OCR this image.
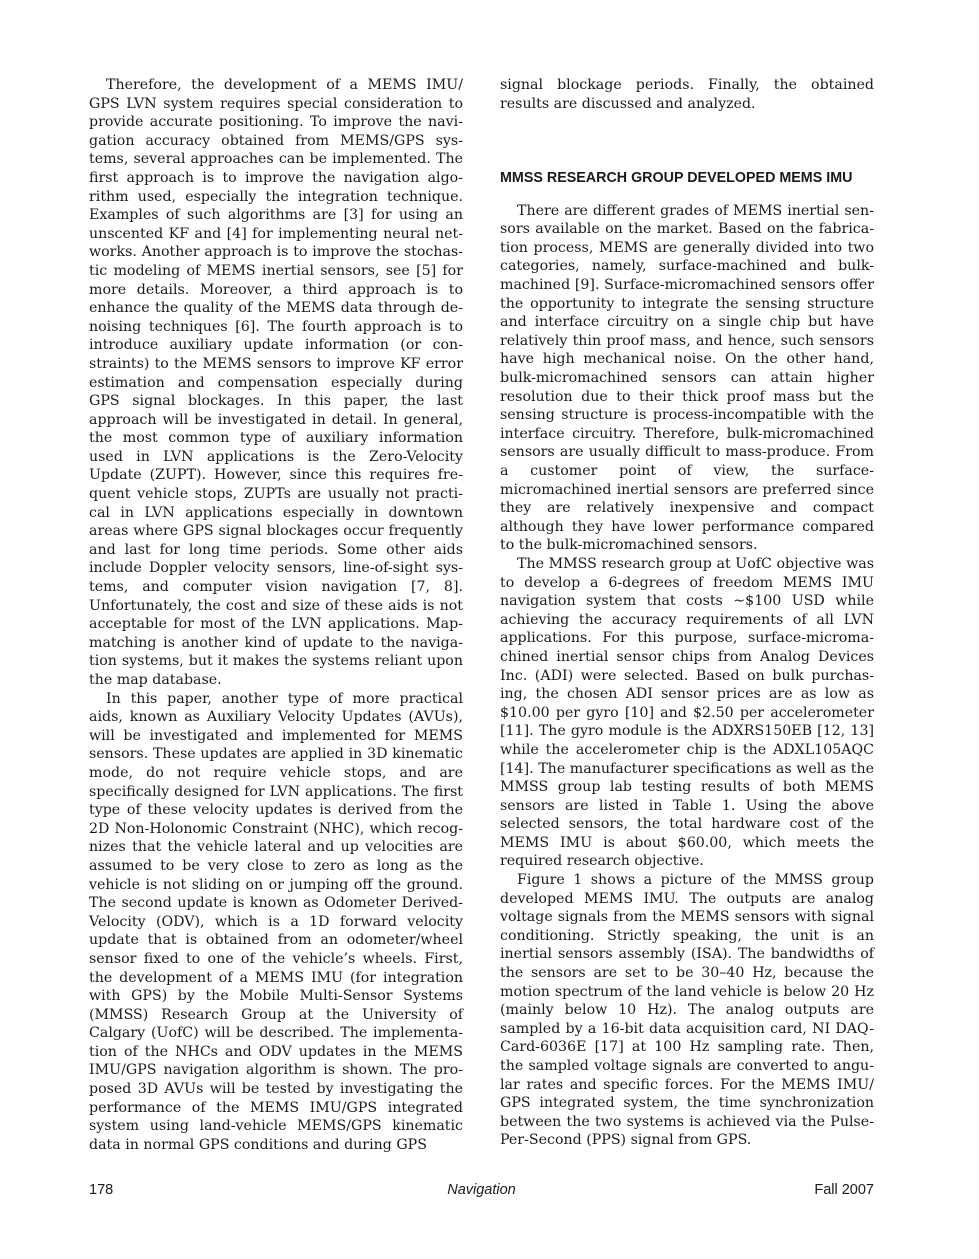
Therefore, the development of a MEMS IMU/​GPS LVN system requires special consideration to provide accurate positioning. To improve the navigation accuracy obtained from MEMS/GPS systems, several approaches can be implemented. The first approach is to improve the navigation algorithm used, especially the integration technique. Examples of such algorithms are [3] for using an unscented KF and [4] for implementing neural networks. Another approach is to improve the stochastic modeling of MEMS inertial sensors, see [5] for more details. Moreover, a third approach is to enhance the quality of the MEMS data through denoising techniques [6]. The fourth approach is to introduce auxiliary update information (or constraints) to the MEMS sensors to improve KF error estimation and compensation especially during GPS signal blockages. In this paper, the last approach will be investigated in detail. In general, the most common type of auxiliary information used in LVN applications is the Zero-Velocity Update (ZUPT). However, since this requires frequent vehicle stops, ZUPTs are usually not practical in LVN applications especially in downtown areas where GPS signal blockages occur frequently and last for long time periods. Some other aids include Doppler velocity sensors, line-of-sight systems, and computer vision navigation [7, 8]. Unfortunately, the cost and size of these aids is not acceptable for most of the LVN applications. Map-matching is another kind of update to the navigation systems, but it makes the systems reliant upon the map database.

In this paper, another type of more practical aids, known as Auxiliary Velocity Updates (AVUs), will be investigated and implemented for MEMS sensors. These updates are applied in 3D kinematic mode, do not require vehicle stops, and are specifically designed for LVN applications. The first type of these velocity updates is derived from the 2D Non-Holonomic Constraint (NHC), which recognizes that the vehicle lateral and up velocities are assumed to be very close to zero as long as the vehicle is not sliding on or jumping off the ground. The second update is known as Odometer Derived-Velocity (ODV), which is a 1D forward velocity update that is obtained from an odometer/wheel sensor fixed to one of the vehicle’s wheels. First, the development of a MEMS IMU (for integration with GPS) by the Mobile Multi-Sensor Systems (MMSS) Research Group at the University of Calgary (UofC) will be described. The implementation of the NHCs and ODV updates in the MEMS IMU/​GPS navigation algorithm is shown. The proposed 3D AVUs will be tested by investigating the performance of the MEMS IMU/GPS integrated system using land-vehicle MEMS/GPS kinematic data in normal GPS conditions and during GPS

signal blockage periods. Finally, the obtained results are discussed and analyzed.

MMSS RESEARCH GROUP DEVELOPED MEMS IMU

There are different grades of MEMS inertial sensors available on the market. Based on the fabrication process, MEMS are generally divided into two categories, namely, surface-machined and bulk-machined [9]. Surface-micromachined sensors offer the opportunity to integrate the sensing structure and interface circuitry on a single chip but have relatively thin proof mass, and hence, such sensors have high mechanical noise. On the other hand, bulk-micromachined sensors can attain higher resolution due to their thick proof mass but the sensing structure is process-incompatible with the interface circuitry. Therefore, bulk-micromachined sensors are usually difficult to mass-produce. From a customer point of view, the surface-micromachined inertial sensors are preferred since they are relatively inexpensive and compact although they have lower performance compared to the bulk-micromachined sensors.

The MMSS research group at UofC objective was to develop a 6-degrees of freedom MEMS IMU navigation system that costs ∼$100 USD while achieving the accuracy requirements of all LVN applications. For this purpose, surface-micromachined inertial sensor chips from Analog Devices Inc. (ADI) were selected. Based on bulk purchasing, the chosen ADI sensor prices are as low as $10.00 per gyro [10] and $2.50 per accelerometer [11]. The gyro module is the ADXRS150EB [12, 13] while the accelerometer chip is the ADXL105AQC [14]. The manufacturer specifications as well as the MMSS group lab testing results of both MEMS sensors are listed in Table 1. Using the above selected sensors, the total hardware cost of the MEMS IMU is about $60.00, which meets the required research objective.

Figure 1 shows a picture of the MMSS group developed MEMS IMU. The outputs are analog voltage signals from the MEMS sensors with signal conditioning. Strictly speaking, the unit is an inertial sensors assembly (ISA). The bandwidths of the sensors are set to be 30–40 Hz, because the motion spectrum of the land vehicle is below 20 Hz (mainly below 10 Hz). The analog outputs are sampled by a 16-bit data acquisition card, NI DAQ-Card-6036E [17] at 100 Hz sampling rate. Then, the sampled voltage signals are converted to angular rates and specific forces. For the MEMS IMU/​GPS integrated system, the time synchronization between the two systems is achieved via the Pulse-Per-Second (PPS) signal from GPS.

178	Navigation	Fall 2007
